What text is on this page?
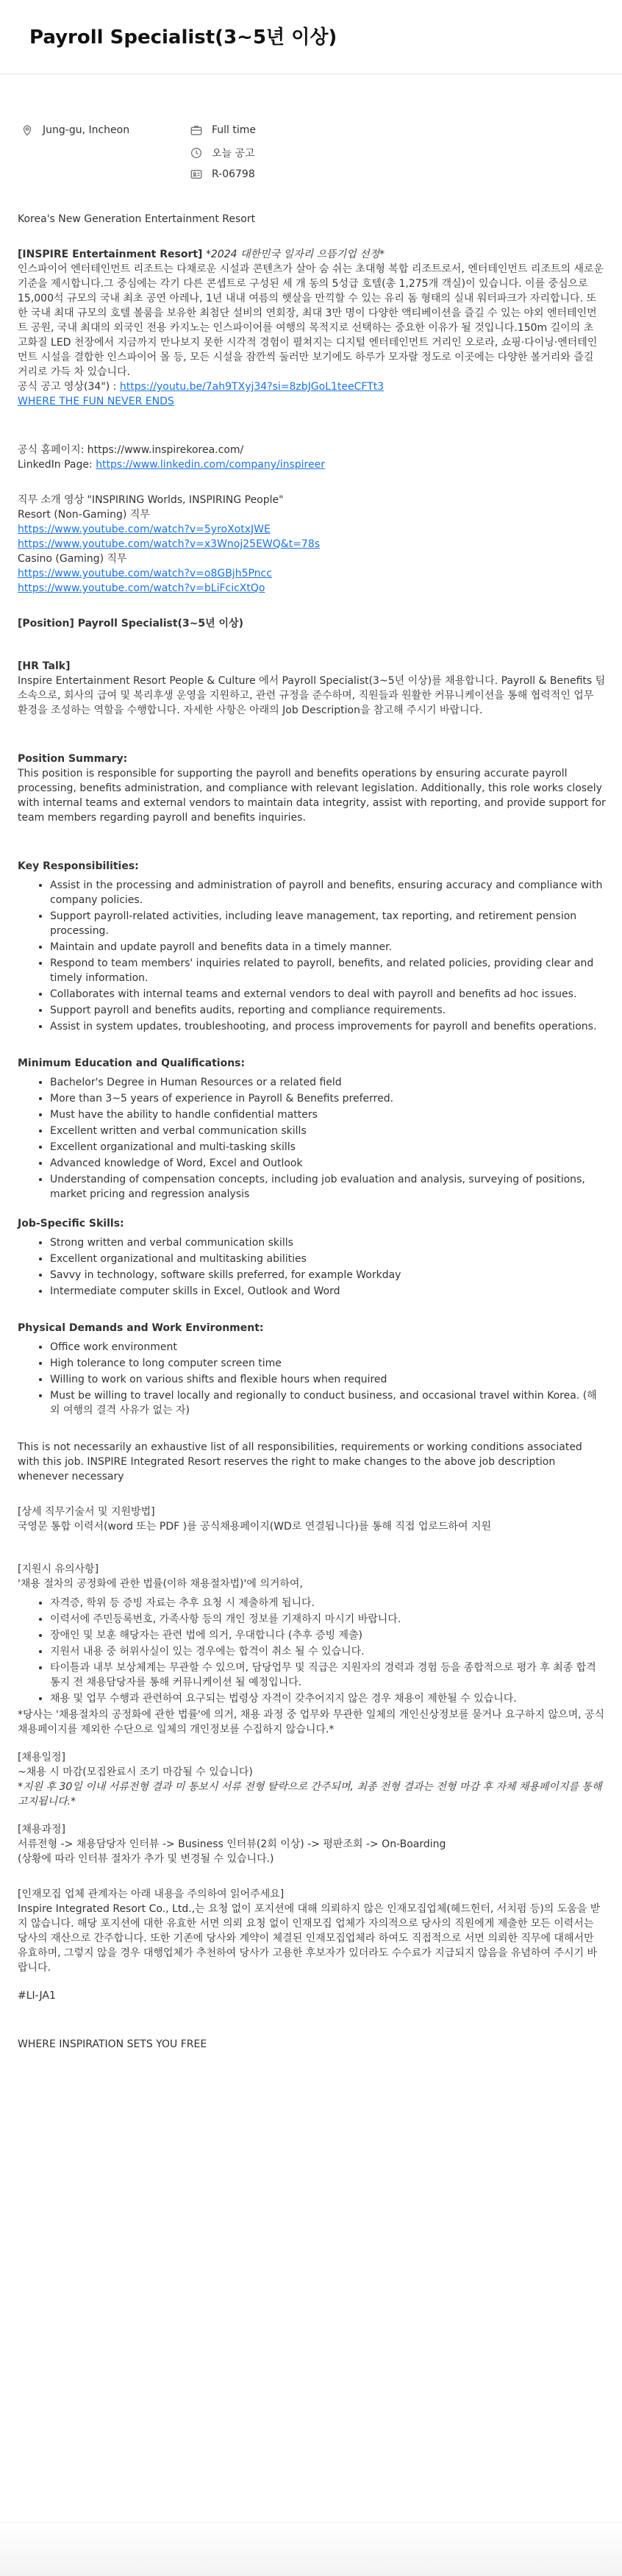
Payroll Specialist(3~5년 이상)
Jung-gu, Incheon	Full time
오늘 공고
R-06798

Korea's New Generation Entertainment Resort

[INSPIRE Entertainment Resort] *2024 대한민국 일자리 으뜸기업 선정*

인스파이어 엔터테인먼트 리조트는 다채로운 시설과 콘텐츠가 살아 숨 쉬는 초대형 복합 리조트로서, 엔터테인먼트 리조트의 새로운 기준을 제시합니다.그 중심에는 각기 다른 콘셉트로 구성된 세 개 동의 5성급 호텔(총 1,275개 객실)이 있습니다. 이를 중심으로 15,000석 규모의 국내 최초 공연 아레나, 1년 내내 여름의 햇살을 만끽할 수 있는 유리 돔 형태의 실내 워터파크가 자리합니다. 또한 국내 최대 규모의 호텔 볼룸을 보유한 최첨단 설비의 연회장, 최대 3만 명이 다양한 액티베이션을 즐길 수 있는 야외 엔터테인먼트 공원, 국내 최대의 외국인 전용 카지노는 인스파이어를 여행의 목적지로 선택하는 중요한 이유가 될 것입니다.150m 길이의 초 고화질 LED 천장에서 지금까지 만나보지 못한 시각적 경험이 펼쳐지는 디지털 엔터테인먼트 거리인 오로라, 쇼핑·다이닝·엔터테인먼트 시설을 결합한 인스파이어 몰 등, 모든 시설을 잠깐씩 둘러만 보기에도 하루가 모자랄 정도로 이곳에는 다양한 볼거리와 즐길 거리로 가득 차 있습니다.

공식 공고 영상(34") : https://youtu.be/7ah9TXyj34?si=8zbJGoL1teeCFTt3

WHERE THE FUN NEVER ENDS

공식 홈페이지: https://www.inspirekorea.com/

LinkedIn Page: https://www.linkedin.com/company/inspireer

직무 소개 영상 "INSPIRING Worlds, INSPIRING People"

Resort (Non-Gaming) 직무

https://www.youtube.com/watch?v=5yroXotxJWE

https://www.youtube.com/watch?v=x3Wnoj25EWQ&t=78s

Casino (Gaming) 직무

https://www.youtube.com/watch?v=o8GBjh5Pncc

https://www.youtube.com/watch?v=bLiFcicXtQo

[Position] Payroll Specialist(3~5년 이상)

[HR Talk]

Inspire Entertainment Resort People & Culture 에서 Payroll Specialist(3~5년 이상)를 채용합니다. Payroll & Benefits 팀 소속으로, 회사의 급여 및 복리후생 운영을 지원하고, 관련 규정을 준수하며, 직원들과 원활한 커뮤니케이션을 통해 협력적인 업무 환경을 조성하는 역할을 수행합니다. 자세한 사항은 아래의 Job Description을 참고해 주시기 바랍니다.

Position Summary:

This position is responsible for supporting the payroll and benefits operations by ensuring accurate payroll processing, benefits administration, and compliance with relevant legislation. Additionally, this role works closely with internal teams and external vendors to maintain data integrity, assist with reporting, and provide support for team members regarding payroll and benefits inquiries.

Key Responsibilities:

• Assist in the processing and administration of payroll and benefits, ensuring accuracy and compliance with company policies.
• Support payroll-related activities, including leave management, tax reporting, and retirement pension processing.
• Maintain and update payroll and benefits data in a timely manner.
• Respond to team members' inquiries related to payroll, benefits, and related policies, providing clear and timely information.
• Collaborates with internal teams and external vendors to deal with payroll and benefits ad hoc issues.
• Support payroll and benefits audits, reporting and compliance requirements.
• Assist in system updates, troubleshooting, and process improvements for payroll and benefits operations.

Minimum Education and Qualifications:

• Bachelor's Degree in Human Resources or a related field
• More than 3~5 years of experience in Payroll & Benefits preferred.
• Must have the ability to handle confidential matters
• Excellent written and verbal communication skills
• Excellent organizational and multi-tasking skills
• Advanced knowledge of Word, Excel and Outlook
• Understanding of compensation concepts, including job evaluation and analysis, surveying of positions, market pricing and regression analysis

Job-Specific Skills:

• Strong written and verbal communication skills
• Excellent organizational and multitasking abilities
• Savvy in technology, software skills preferred, for example Workday
• Intermediate computer skills in Excel, Outlook and Word

Physical Demands and Work Environment:

• Office work environment
• High tolerance to long computer screen time
• Willing to work on various shifts and flexible hours when required
• Must be willing to travel locally and regionally to conduct business, and occasional travel within Korea. (해외 여행의 결격 사유가 없는 자)

This is not necessarily an exhaustive list of all responsibilities, requirements or working conditions associated with this job. INSPIRE Integrated Resort reserves the right to make changes to the above job description whenever necessary

[상세 직무기술서 및 지원방법]

국영문 통합 이력서(word 또는 PDF )를 공식채용페이지(WD로 연결됩니다)를 통해 직접 업로드하여 지원

[지원시 유의사항]

'채용 절차의 공정화에 관한 법률(이하 채용절차법)'에 의거하여,

• 자격증, 학위 등 증빙 자료는 추후 요청 시 제출하게 됩니다.
• 이력서에 주민등록번호, 가족사항 등의 개인 정보를 기재하지 마시기 바랍니다.
• 장애인 및 보훈 해당자는 관련 법에 의거, 우대합니다 (추후 증빙 제출)
• 지원서 내용 중 허위사실이 있는 경우에는 합격이 취소 될 수 있습니다.
• 타이틀과 내부 보상체계는 무관할 수 있으며, 담당업무 및 직급은 지원자의 경력과 경험 등을 종합적으로 평가 후 최종 합격 통지 전 채용담당자를 통해 커뮤니케이션 될 예정입니다.
• 채용 및 업무 수행과 관련하여 요구되는 법령상 자격이 갖추어지지 않은 경우 채용이 제한될 수 있습니다.

*당사는 '채용절차의 공정화에 관한 법률'에 의거, 채용 과정 중 업무와 무관한 일체의 개인신상정보를 묻거나 요구하지 않으며, 공식 채용페이지를 제외한 수단으로 일체의 개인정보를 수집하지 않습니다.*

[채용일정]

~채용 시 마감(모집완료시 조기 마감될 수 있습니다)

*지원 후 30일 이내 서류전형 결과 미 통보시 서류 전형 탈락으로 간주되며, 최종 전형 결과는 전형 마감 후 자체 채용페이지를 통해 고지됩니다.*

[채용과정]

서류전형 -> 채용담당자 인터뷰 -> Business 인터뷰(2회 이상) -> 평판조회 -> On-Boarding

(상황에 따라 인터뷰 절차가 추가 및 변경될 수 있습니다.)

[인재모집 업체 관계자는 아래 내용을 주의하여 읽어주세요]

Inspire Integrated Resort Co., Ltd.,는 요청 없이 포지션에 대해 의뢰하지 않은 인재모집업체(헤드헌터, 서치펌 등)의 도움을 받지 않습니다. 해당 포지션에 대한 유효한 서면 의뢰 요청 없이 인재모집 업체가 자의적으로 당사의 직원에게 제출한 모든 이력서는 당사의 재산으로 간주합니다. 또한 기존에 당사와 계약이 체결된 인재모집업체라 하여도 직접적으로 서면 의뢰한 직무에 대해서만 유효하며, 그렇지 않을 경우 대행업체가 추천하여 당사가 고용한 후보자가 있더라도 수수료가 지급되지 않음을 유념하여 주시기 바랍니다.

#LI-JA1

WHERE INSPIRATION SETS YOU FREE
